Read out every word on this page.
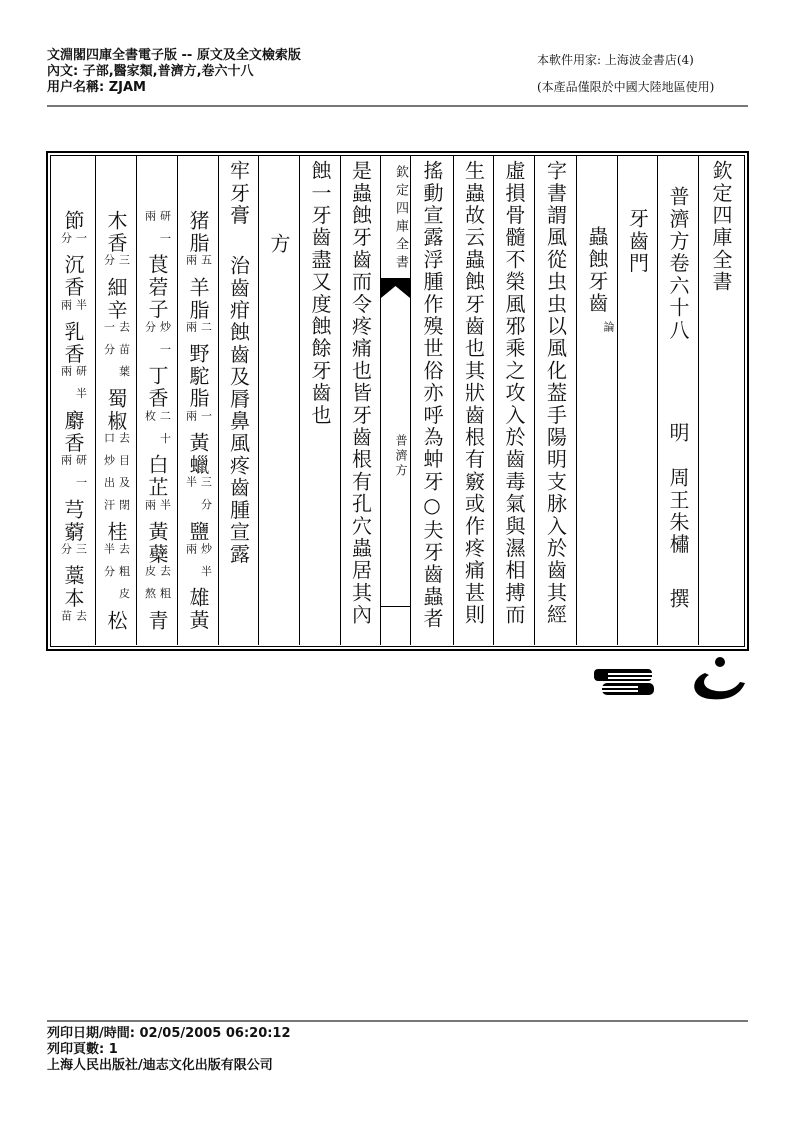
文淵閣四庫全書電子版 -- 原文及全文檢索版
內文: 子部,醫家類,普濟方,卷六十八
用户名稱: ZJAM
本軟件用家: 上海波金書店(4)
(本產品僅限於中國大陸地區使用)
欽定四庫全書
普濟方卷六十八
明
周王朱橚
撰
牙齒門
蟲蝕牙齒
論
字書謂風從虫虫以風化葢手陽明支脉入於齒其經
虛損骨髓不榮風邪乘之攻入於齒毒氣與濕相搏而
生蟲故云蟲蝕牙齒也其狀齒根有竅或作疼痛甚則
搖動宣露浮腫作殠世俗亦呼為蚛牙○夫牙齒蟲者
欽定四庫全書
普濟方
是蟲蝕牙齒而令疼痛也皆牙齒根有孔穴蟲居其內
蝕一牙齒盡又度蝕餘牙齒也
方
牢牙膏
治齒疳蝕齒及脣鼻風疼齒腫宣露
猪脂
五
兩
羊脂
二
兩
野駝脂
一
兩
黃蠟
三分
半
鹽
炒半
兩
雄黃
研一
兩
茛菪子
炒一
分
丁香
二十
枚
白芷
半
兩
黃蘗
去粗
皮熬
青
木香
三
分
細辛
去苗葉
一分
蜀椒
去目及閉
口炒出汗
桂
去粗皮
半分
松
節
一
分
沉香
半
兩
乳香
研半
兩
麝香
研一
兩
芎藭
三
分
藁本
去
苗
列印日期/時間: 02/05/2005 06:20:12
列印頁數: 1
上海人民出版社/迪志文化出版有限公司
